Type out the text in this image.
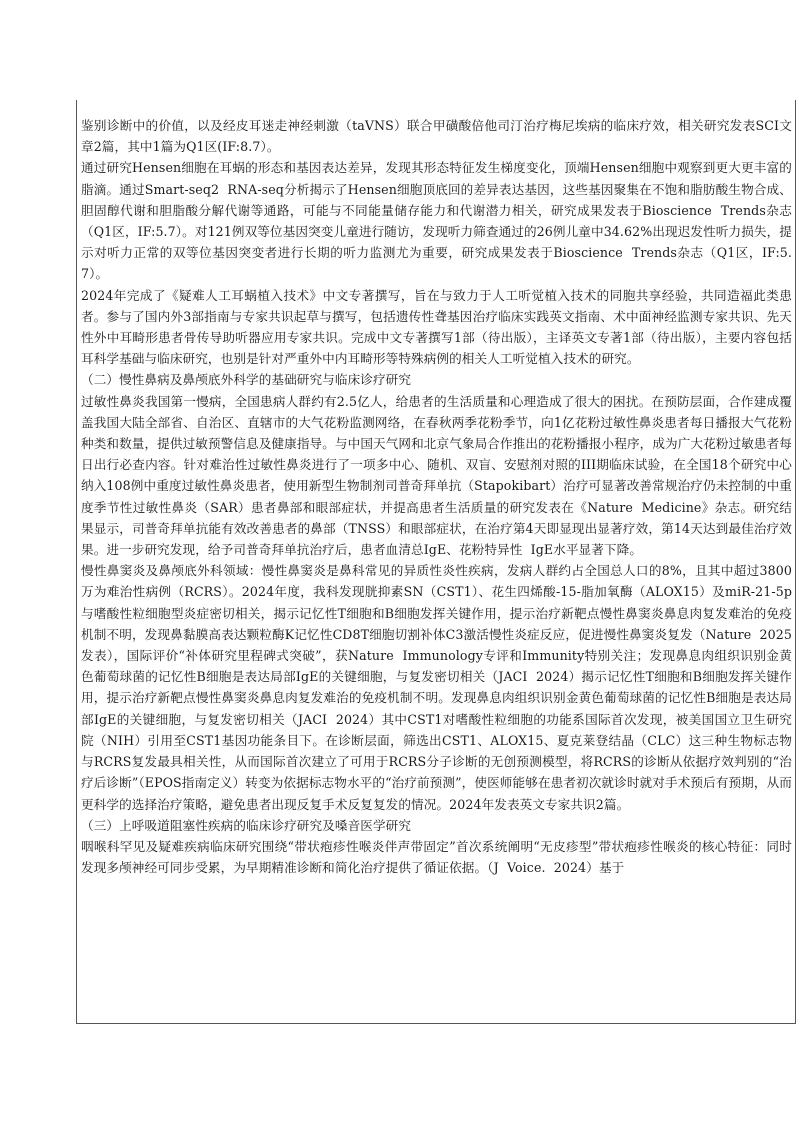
鉴别诊断中的价值，以及经皮耳迷走神经刺激（taVNS）联合甲磺酸倍他司汀治疗梅尼埃病的临床疗效，相关研究发表SCI文章2篇，其中1篇为Q1区(IF:8.7）。

通过研究Hensen细胞在耳蜗的形态和基因表达差异，发现其形态特征发生梯度变化，顶端Hensen细胞中观察到更大更丰富的脂滴。通过Smart-seq2  RNA-seq分析揭示了Hensen细胞顶底回的差异表达基因，这些基因聚集在不饱和脂肪酸生物合成、胆固醇代谢和胆脂酸分解代谢等通路，可能与不同能量储存能力和代谢潜力相关，研究成果发表于Bioscience  Trends杂志（Q1区，IF:5.7）。对121例双等位基因突变儿童进行随访，发现听力筛查通过的26例儿童中34.62%出现迟发性听力损失，提示对听力正常的双等位基因突变者进行长期的听力监测尤为重要，研究成果发表于Bioscience  Trends杂志（Q1区，IF:5.7）。

2024年完成了《疑难人工耳蜗植入技术》中文专著撰写，旨在与致力于人工听觉植入技术的同胞共享经验，共同造福此类患者。参与了国内外3部指南与专家共识起草与撰写，包括遗传性聋基因治疗临床实践英文指南、术中面神经监测专家共识、先天性外中耳畸形患者骨传导助听器应用专家共识。完成中文专著撰写1部（待出版），主译英文专著1部（待出版），主要内容包括耳科学基础与临床研究，也别是针对严重外中内耳畸形等特殊病例的相关人工听觉植入技术的研究。

（二）慢性鼻病及鼻颅底外科学的基础研究与临床诊疗研究

过敏性鼻炎我国第一慢病，全国患病人群约有2.5亿人，给患者的生活质量和心理造成了很大的困扰。在预防层面，合作建成覆盖我国大陆全部省、自治区、直辖市的大气花粉监测网络，在春秋两季花粉季节，向1亿花粉过敏性鼻炎患者每日播报大气花粉种类和数量，提供过敏预警信息及健康指导。与中国天气网和北京气象局合作推出的花粉播报小程序，成为广大花粉过敏患者每日出行必查内容。针对难治性过敏性鼻炎进行了一项多中心、随机、双盲、安慰剂对照的III期临床试验，在全国18个研究中心纳入108例中重度过敏性鼻炎患者，使用新型生物制剂司普奇拜单抗（Stapokibart）治疗可显著改善常规治疗仍未控制的中重度季节性过敏性鼻炎（SAR）患者鼻部和眼部症状，并提高患者生活质量的研究发表在《Nature  Medicine》杂志。研究结果显示，司普奇拜单抗能有效改善患者的鼻部（TNSS）和眼部症状，在治疗第4天即显现出显著疗效，第14天达到最佳治疗效果。进一步研究发现，给予司普奇拜单抗治疗后，患者血清总IgE、花粉特异性  IgE水平显著下降。

慢性鼻窦炎及鼻颅底外科领域：慢性鼻窦炎是鼻科常见的异质性炎性疾病，发病人群约占全国总人口的8%，且其中超过3800万为难治性病例（RCRS）。2024年度，我科发现胱抑素SN（CST1）、花生四烯酸-15-脂加氧酶（ALOX15）及miR-21-5p与嗜酸性粒细胞型炎症密切相关，揭示记忆性T细胞和B细胞发挥关键作用，提示治疗新靶点慢性鼻窦炎鼻息肉复发难治的免疫机制不明，发现鼻黏膜高表达颗粒酶K记忆性CD8T细胞切割补体C3激活慢性炎症反应，促进慢性鼻窦炎复发（Nature  2025发表），国际评价“补体研究里程碑式突破”，获Nature  Immunology专评和Immunity特别关注；发现鼻息肉组织识别金黄色葡萄球菌的记忆性B细胞是表达局部IgE的关键细胞，与复发密切相关（JACI  2024）揭示记忆性T细胞和B细胞发挥关键作用，提示治疗新靶点慢性鼻窦炎鼻息肉复发难治的免疫机制不明。发现鼻息肉组织识别金黄色葡萄球菌的记忆性B细胞是表达局部IgE的关键细胞，与复发密切相关（JACI  2024）其中CST1对嗜酸性粒细胞的功能系国际首次发现，被美国国立卫生研究院（NIH）引用至CST1基因功能条目下。在诊断层面，筛选出CST1、ALOX15、夏克莱登结晶（CLC）这三种生物标志物与RCRS复发最具相关性，从而国际首次建立了可用于RCRS分子诊断的无创预测模型，将RCRS的诊断从依据疗效判别的“治疗后诊断”（EPOS指南定义）转变为依据标志物水平的“治疗前预测”，使医师能够在患者初次就诊时就对手术预后有预期，从而更科学的选择治疗策略，避免患者出现反复手术反复复发的情况。2024年发表英文专家共识2篇。

（三）上呼吸道阻塞性疾病的临床诊疗研究及嗓音医学研究

咽喉科罕见及疑难疾病临床研究围绕“带状疱疹性喉炎伴声带固定”首次系统阐明“无皮疹型”带状疱疹性喉炎的核心特征：同时发现多颅神经可同步受累，为早期精准诊断和简化治疗提供了循证依据。（J  Voice.  2024）基于
